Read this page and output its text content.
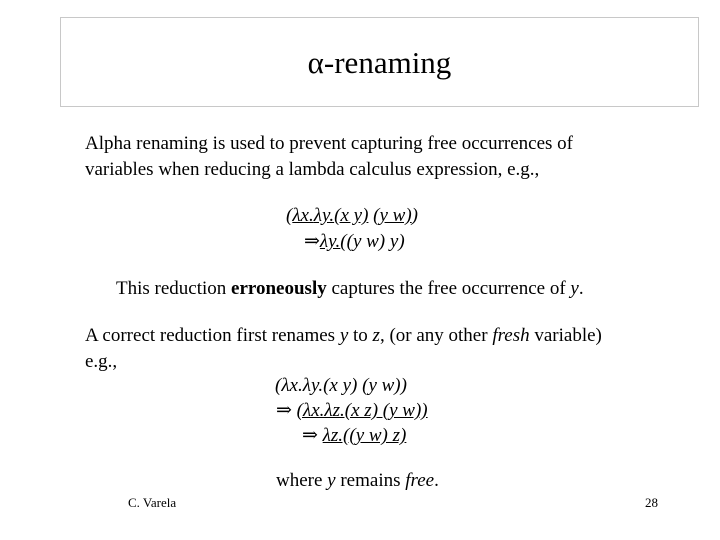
α-renaming
Alpha renaming is used to prevent capturing free occurrences of
variables when reducing a lambda calculus expression, e.g.,
(λx.λy.(x y) (y w))
⇒λy.((y w) y)
This reduction erroneously captures the free occurrence of y.
A correct reduction first renames y to z, (or any other fresh variable)
e.g.,
(λx.λy.(x y) (y w))
⇒ (λx.λz.(x z) (y w))
⇒ λz.((y w) z)
where y remains free.
C. Varela	28
